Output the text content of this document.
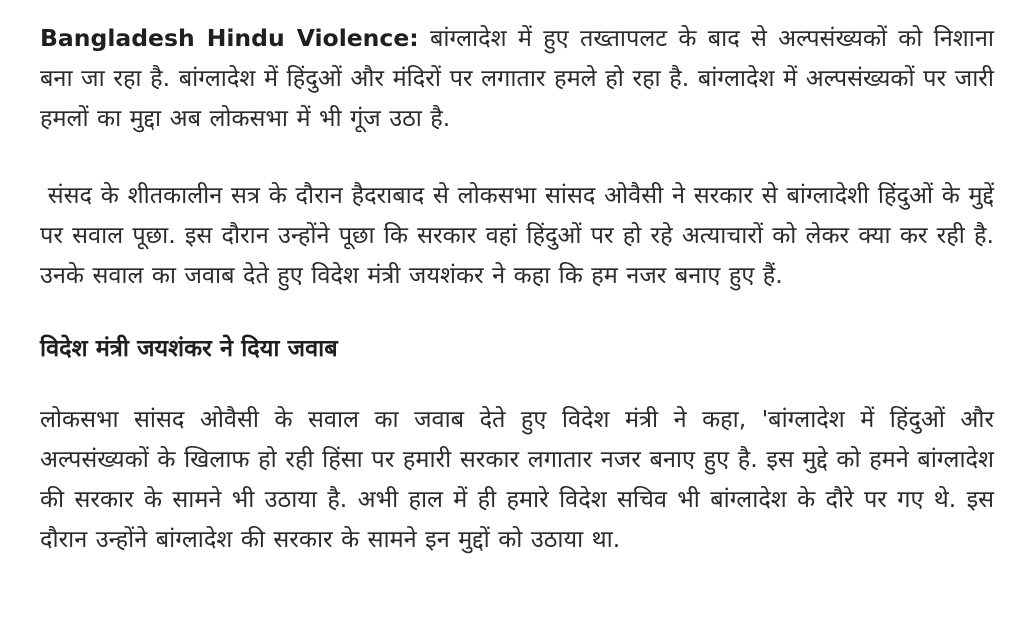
Bangladesh Hindu Violence: बांग्लादेश में हुए तख्तापलट के बाद से अल्पसंख्यकों को निशाना बना जा रहा है. बांग्लादेश में हिंदुओं और मंदिरों पर लगातार हमले हो रहा है. बांग्लादेश में अल्पसंख्यकों पर जारी हमलों का मुद्दा अब लोकसभा में भी गूंज उठा है.

संसद के शीतकालीन सत्र के दौरान हैदराबाद से लोकसभा सांसद ओवैसी ने सरकार से बांग्लादेशी हिंदुओं के मुद्दें पर सवाल पूछा. इस दौरान उन्होंने पूछा कि सरकार वहां हिंदुओं पर हो रहे अत्याचारों को लेकर क्या कर रही है. उनके सवाल का जवाब देते हुए विदेश मंत्री जयशंकर ने कहा कि हम नजर बनाए हुए हैं.

विदेश मंत्री जयशंकर ने दिया जवाब

लोकसभा सांसद ओवैसी के सवाल का जवाब देते हुए विदेश मंत्री ने कहा, 'बांग्लादेश में हिंदुओं और अल्पसंख्यकों के खिलाफ हो रही हिंसा पर हमारी सरकार लगातार नजर बनाए हुए है. इस मुद्दे को हमने बांग्लादेश की सरकार के सामने भी उठाया है. अभी हाल में ही हमारे विदेश सचिव भी बांग्लादेश के दौरे पर गए थे. इस दौरान उन्होंने बांग्लादेश की सरकार के सामने इन मुद्दों को उठाया था.
